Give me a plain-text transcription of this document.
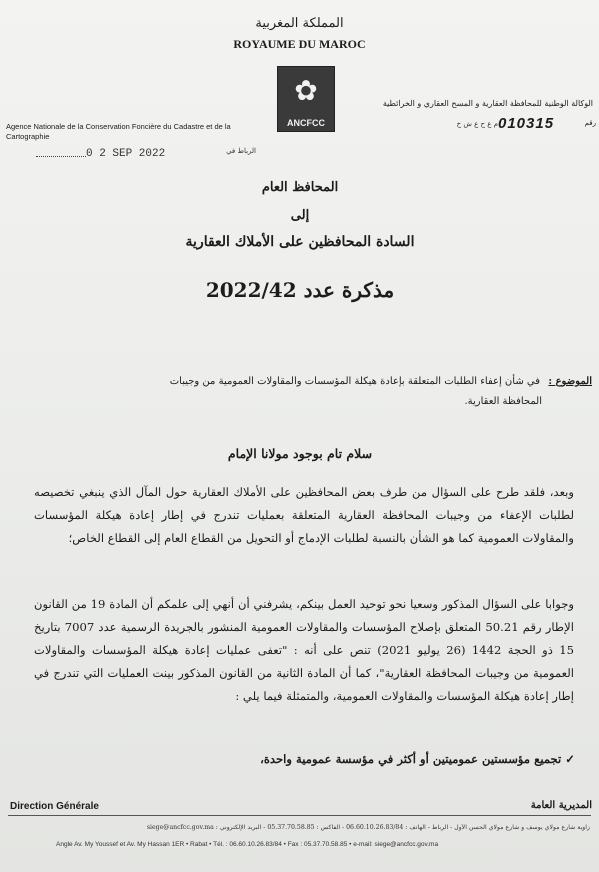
المملكة المغربية
ROYAUME DU MAROC
✿
ANCFCC
الوكالة الوطنية للمحافظة العقارية و المسح العقاري و الخرائطية
Agence Nationale de la Conservation Foncière du Cadastre et de la Cartographie
رقم
010315
م ع ح ع ش خ
0 2 SEP 2022	الرباط في
المحافظ العام
إلى
السادة المحافظين على الأملاك العقارية
مذكرة عدد 2022/42
الموضوع :
في شأن إعفاء الطلبات المتعلقة بإعادة هيكلة المؤسسات والمقاولات العمومية من وجيبات
المحافظة العقارية.
سلام تام بوجود مولانا الإمام
وبعد، فلقد طرح على السؤال من طرف بعض المحافظين على الأملاك العقارية حول المآل الذي ينبغي تخصيصه لطلبات الإعفاء من وجيبات المحافظة العقارية المتعلقة بعمليات تندرج في إطار إعادة هيكلة المؤسسات والمقاولات العمومية كما هو الشأن بالنسبة لطلبات الإدماج أو التحويل من القطاع العام إلى القطاع الخاص؛
وجوابا على السؤال المذكور وسعيا نحو توحيد العمل بينكم، يشرفني أن أنهي إلى علمكم أن المادة 19 من القانون الإطار رقم 50.21 المتعلق بإصلاح المؤسسات والمقاولات العمومية المنشور بالجريدة الرسمية عدد 7007 بتاريخ 15 ذو الحجة 1442 (26 يوليو 2021) تنص على أنه : "تعفى عمليات إعادة هيكلة المؤسسات والمقاولات العمومية من وجيبات المحافظة العقارية"، كما أن المادة الثانية من القانون المذكور بينت العمليات التي تندرج في إطار إعادة هيكلة المؤسسات والمقاولات العمومية، والمتمثلة فيما يلي :
✓ تجميع مؤسستين عموميتين أو أكثر في مؤسسة عمومية واحدة،
Direction Générale	المديرية العامة
زاوية شارع مولاي يوسف و شارع مولاي الحسن الأول - الرباط - الهاتف : 06.60.10.26.83/84 - الفاكس : 05.37.70.58.85 - البريد الإلكتروني : siege@ancfcc.gov.ma
Angle Av. My Youssef et Av. My Hassan 1ER • Rabat • Tél. : 06.60.10.26.83/84 • Fax : 05.37.70.58.85 • e-mail: siege@ancfcc.gov.ma
